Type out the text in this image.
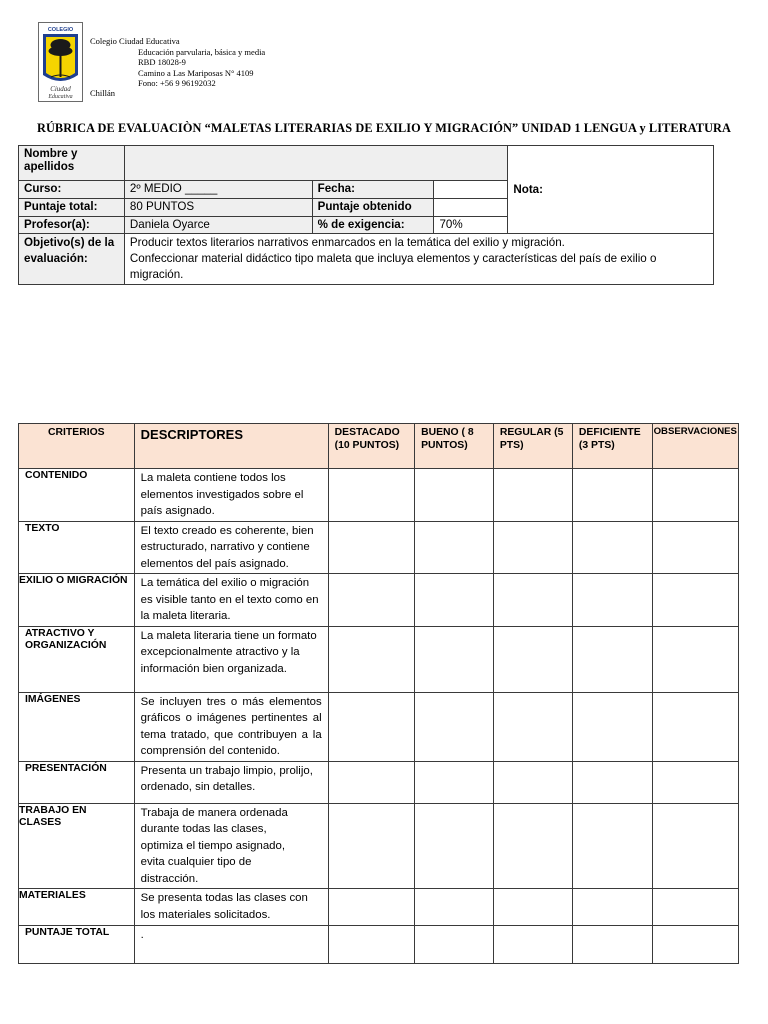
COLEGIO
Ciudad
Educativa
Colegio Ciudad Educativa
Educación parvularia, básica y media
RBD 18028-9
Camino a Las Mariposas N° 4109
Fono: +56 9 96192032
Chillán
RÚBRICA DE EVALUACIÒN “MALETAS LITERARIAS DE EXILIO Y MIGRACIÓN” UNIDAD 1 LENGUA y LITERATURA
Nombre y apellidos				Nota:
Curso:	2º MEDIO _____	Fecha:		
Puntaje total:	80 PUNTOS	Puntaje obtenido		
Profesor(a):	Daniela Oyarce	% de exigencia:	70%	
Objetivo(s) de la evaluación:	Producir textos literarios narrativos enmarcados en la temática del exilio y migración.
Confeccionar material didáctico tipo maleta que incluya elementos y características del país de exilio o migración.			
CRITERIOS	DESCRIPTORES	DESTACADO (10 PUNTOS)	BUENO ( 8 PUNTOS)	REGULAR (5 PTS)	DEFICIENTE (3 PTS)	OBSERVACIONES
CONTENIDO	La maleta contiene todos los elementos investigados sobre el país asignado.					
TEXTO	El texto creado es coherente, bien estructurado, narrativo y contiene elementos del país asignado.					
EXILIO O MIGRACIÓN	La temática del exilio o migración es visible tanto en el texto como en la maleta literaria.					
ATRACTIVO Y ORGANIZACIÓN	La maleta literaria tiene un formato excepcionalmente atractivo y la información bien organizada.					
IMÁGENES	Se incluyen tres o más elementos gráficos o imágenes pertinentes al tema tratado, que contribuyen a la comprensión del contenido.					
PRESENTACIÓN	Presenta un trabajo limpio, prolijo, ordenado, sin detalles.					
TRABAJO EN CLASES	Trabaja de manera ordenada durante todas las clases, optimiza el tiempo asignado, evita cualquier tipo de distracción.					

MATERIALES	Se presenta todas las clases con los materiales solicitados.					
PUNTAJE TOTAL	.					
